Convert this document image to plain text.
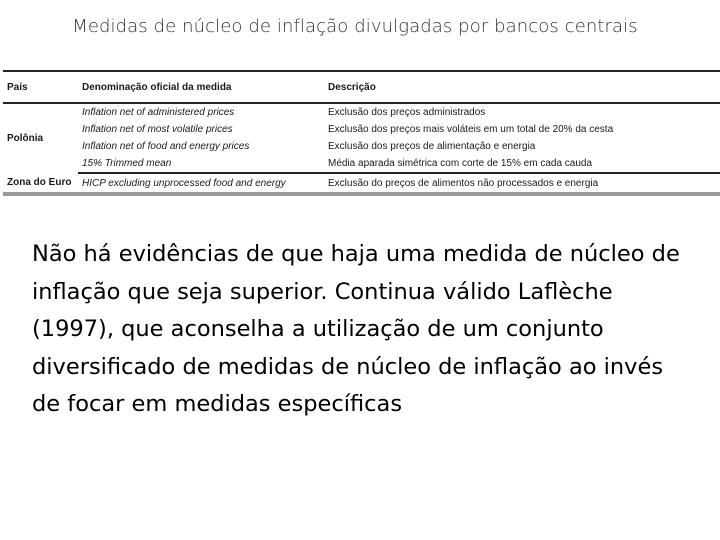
Medidas de núcleo de inflação divulgadas por bancos centrais
País	Denominação oficial da medida	Descrição
Polônia	Inflation net of administered prices	Exclusão dos preços administrados
	Inflation net of most volatile prices	Exclusão dos preços mais voláteis em um total de 20% da cesta
	Inflation net of food and energy prices	Exclusão dos preços de alimentação e energia
	15% Trimmed mean	Média aparada simétrica com corte de 15% em cada cauda
Zona do Euro	HICP excluding unprocessed food and energy	Exclusão do preços de alimentos não processados e energia
Não há evidências de que haja uma medida de núcleo de inflação que seja superior. Continua válido Laflèche (1997), que aconselha a utilização de um conjunto diversificado de medidas de núcleo de inflação ao invés de focar em medidas específicas
